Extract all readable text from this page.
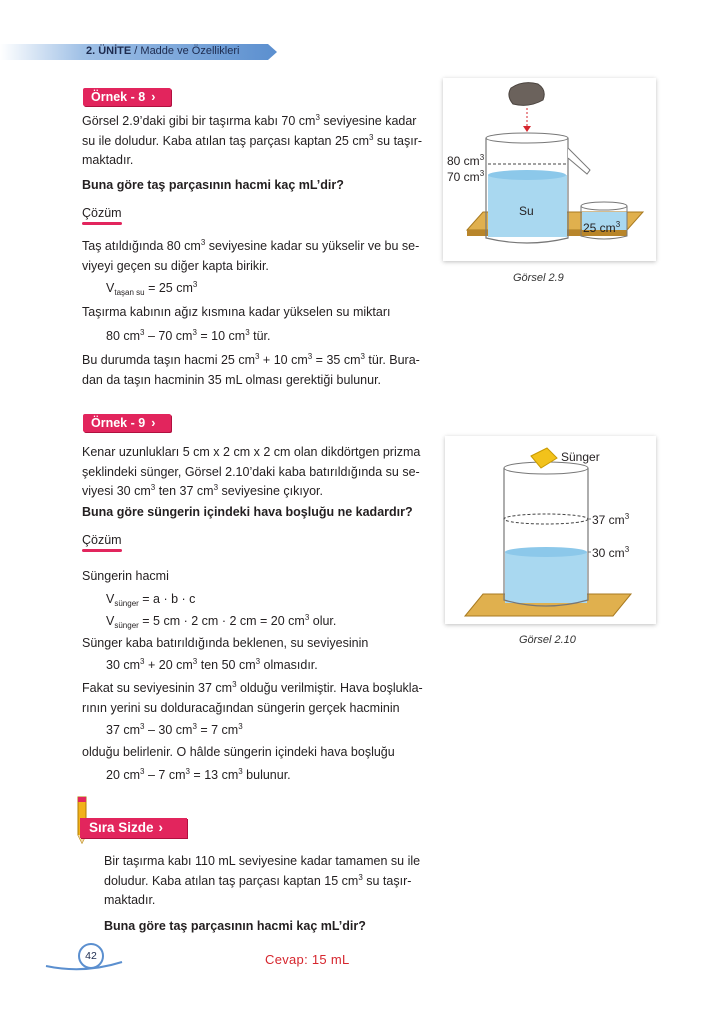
2. ÜNİTE / Madde ve Özellikleri
Örnek - 8 ›
Görsel 2.9’daki gibi bir taşırma kabı 70 $cm^3$ seviyesine kadar
su ile doludur. Kaba atılan taş parçası kaptan 25 $cm^3$ su taşır-
maktadır.
Buna göre taş parçasının hacmi kaç mL’dir?
Çözüm
Taş atıldığında 80 $cm^3$ seviyesine kadar su yükselir ve bu se-
viyeyi geçen su diğer kapta birikir.
$V_{taşan su} = 25$ $cm^3$
Taşırma kabının ağız kısmına kadar yükselen su miktarı
80 $cm^3 - 70$ $cm^3 = 10$ $cm^3$ tür.
Bu durumda taşın hacmi 25 $cm^3 + 10$ $cm^3 = 35$ $cm^3$ tür. Bura-
dan da taşın hacminin 35 mL olması gerektiği bulunur.
80 $cm^3$
70 $cm^3$
Su
25 $cm^3$
Görsel 2.9
Örnek - 9 ›
Kenar uzunlukları 5 cm x 2 cm x 2 cm olan dikdörtgen prizma
şeklindeki sünger, Görsel 2.10’daki kaba batırıldığında su se-
viyesi 30 $cm^3$ ten 37 $cm^3$ seviyesine çıkıyor.
Buna göre süngerin içindeki hava boşluğu ne kadardır?
Çözüm
Süngerin hacmi
$V_{sünger} = a \cdot b \cdot c$
$V_{sünger} = 5$ cm · 2 cm · 2 cm = 20 $cm^3$ olur.
Sünger kaba batırıldığında beklenen, su seviyesinin
30 $cm^3 + 20$ $cm^3$ ten 50 $cm^3$ olmasıdır.
Fakat su seviyesinin 37 $cm^3$ olduğu verilmiştir. Hava boşlukla-
rının yerini su dolduracağından süngerin gerçek hacminin
37 $cm^3 - 30$ $cm^3 = 7$ $cm^3$
olduğu belirlenir. O hâlde süngerin içindeki hava boşluğu
20 $cm^3 - 7$ $cm^3 = 13$ $cm^3$ bulunur.
Sünger
37 $cm^3$
30 $cm^3$
Görsel 2.10
Sıra Sizde ›
Bir taşırma kabı 110 mL seviyesine kadar tamamen su ile
doludur. Kaba atılan taş parçası kaptan 15 $cm^3$ su taşır-
maktadır.
Buna göre taş parçasının hacmi kaç mL’dir?
42	Cevap: 15 mL
